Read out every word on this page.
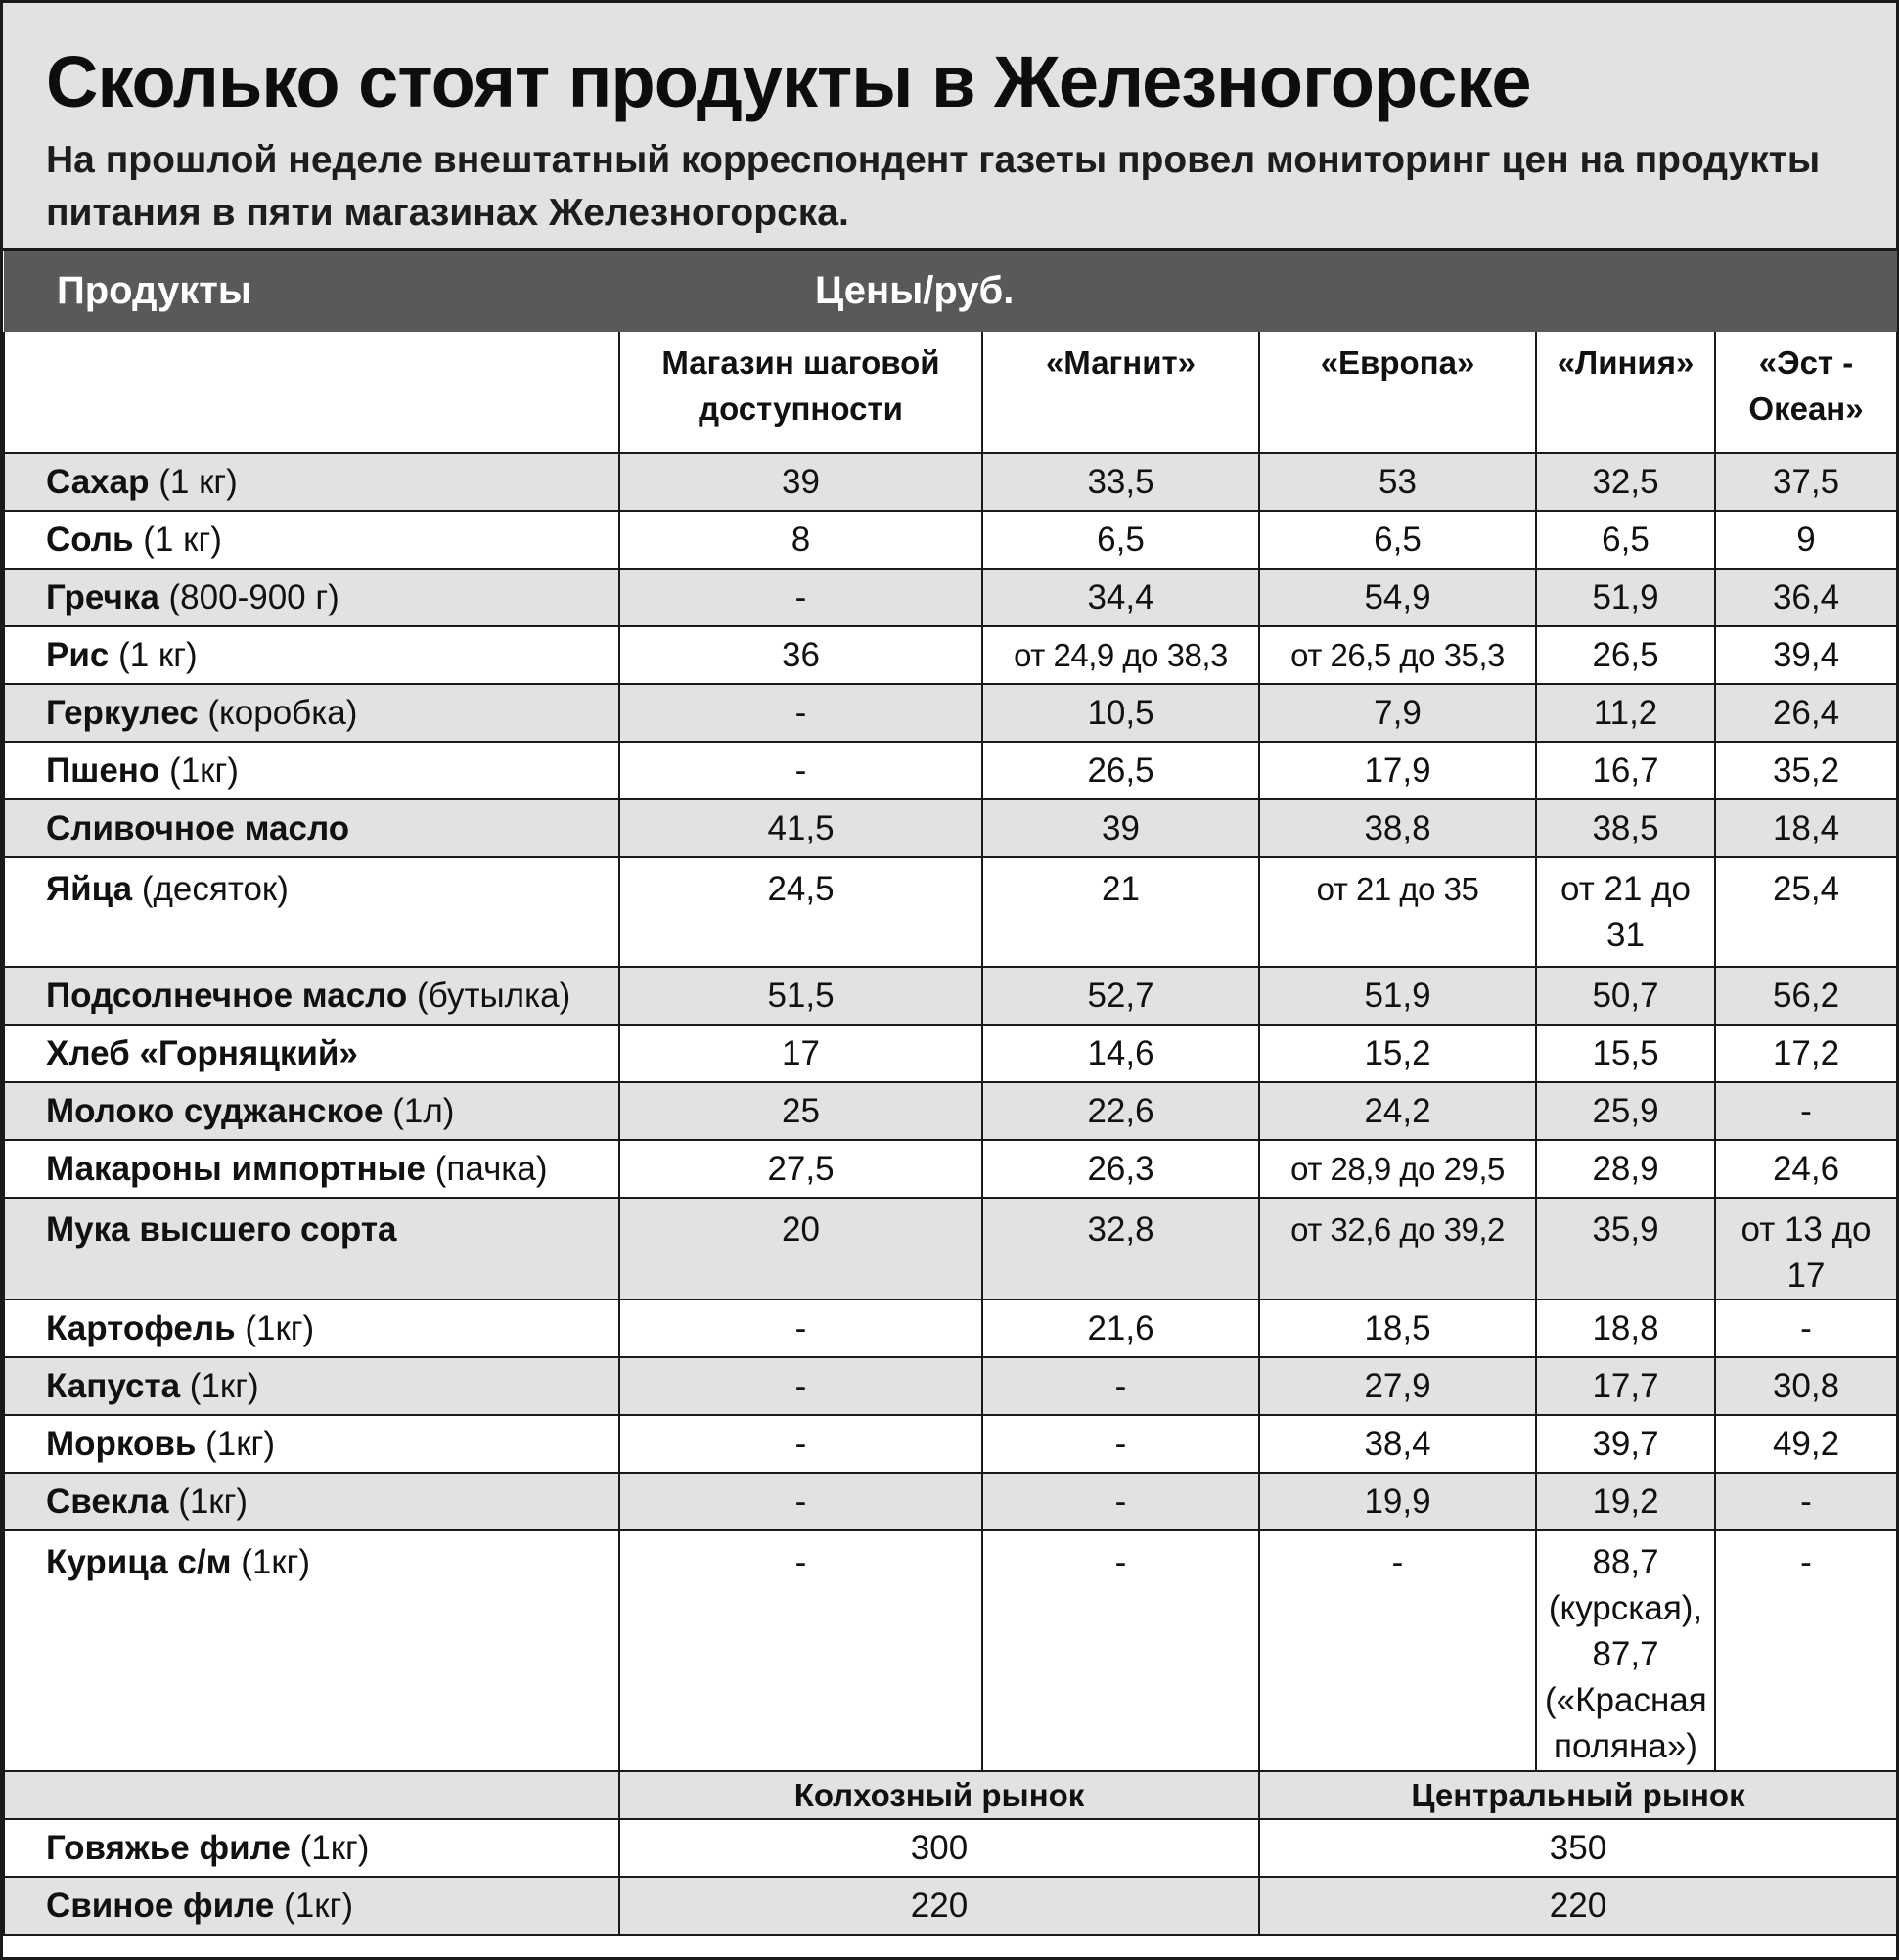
Сколько стоят продукты в Железногорске

На прошлой неделе внештатный корреспондент газеты провел мониторинг цен на продукты питания в пяти магазинах Железногорска.

Продукты	Цены/руб.				
	Магазин шаговой доступности	«Магнит»	«Европа»	«Линия»	«Эст - Океан»
Сахар (1 кг)	39	33,5	53	32,5	37,5
Соль (1 кг)	8	6,5	6,5	6,5	9
Гречка (800-900 г)	-	34,4	54,9	51,9	36,4
Рис (1 кг)	36	от 24,9 до 38,3	от 26,5 до 35,3	26,5	39,4
Геркулес (коробка)	-	10,5	7,9	11,2	26,4
Пшено (1кг)	-	26,5	17,9	16,7	35,2
Сливочное масло	41,5	39	38,8	38,5	18,4
Яйца (десяток)	24,5	21	от 21 до 35	от 21 до 31	25,4
Подсолнечное масло (бутылка)	51,5	52,7	51,9	50,7	56,2
Хлеб «Горняцкий»	17	14,6	15,2	15,5	17,2
Молоко суджанское (1л)	25	22,6	24,2	25,9	-
Макароны импортные (пачка)	27,5	26,3	от 28,9 до 29,5	28,9	24,6
Мука высшего сорта	20	32,8	от 32,6 до 39,2	35,9	от 13 до 17
Картофель (1кг)	-	21,6	18,5	18,8	-
Капуста (1кг)	-	-	27,9	17,7	30,8
Морковь (1кг)	-	-	38,4	39,7	49,2
Свекла (1кг)	-	-	19,9	19,2	-
Курица с/м (1кг)	-	-	-	88,7 (курская), 87,7 («Красная поляна»)	-
	Колхозный рынок		Центральный рынок		
Говяжье филе (1кг)	300		350		
Свиное филе (1кг)	220		220		
